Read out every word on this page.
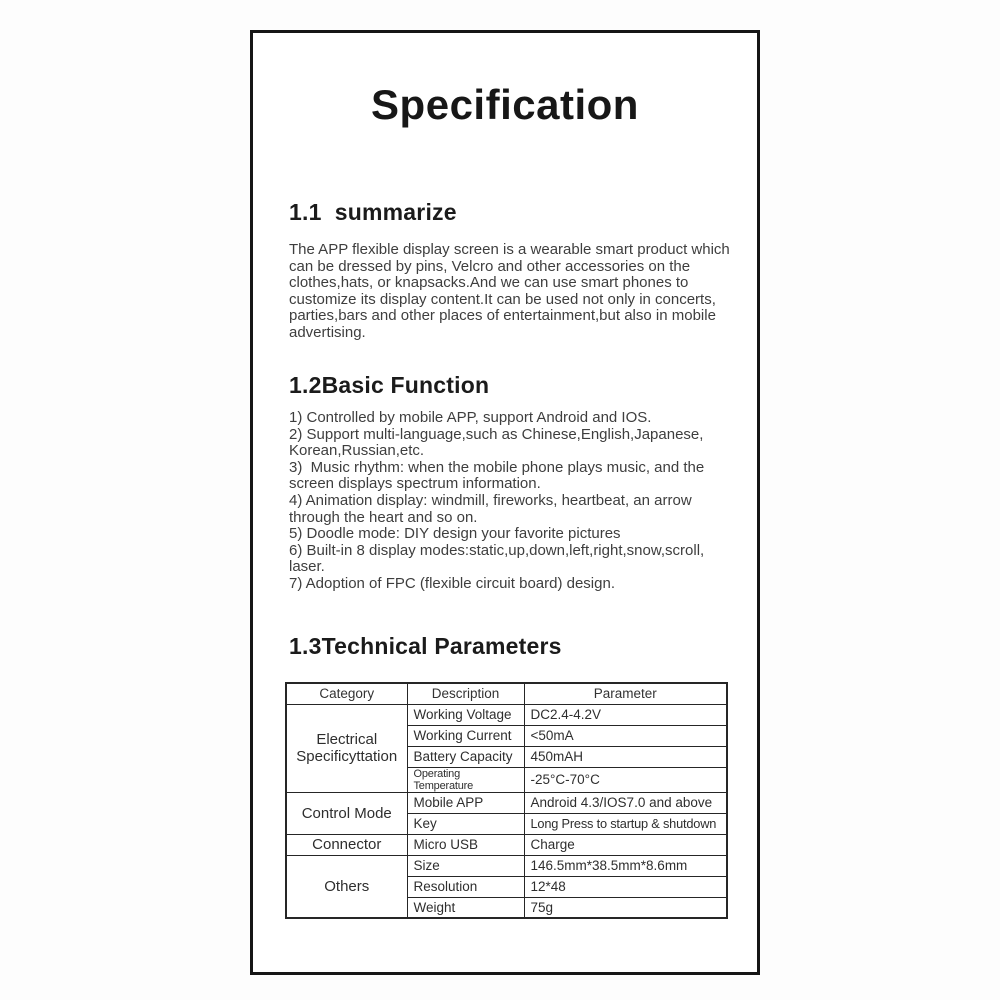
Specification
1.1  summarize
The APP flexible display screen is a wearable smart product which can be dressed by pins, Velcro and other accessories on the clothes,hats, or knapsacks.And we can use smart phones to customize its display content.It can be used not only in concerts, parties,bars and other places of entertainment,but also in mobile advertising.
1.2Basic Function
1) Controlled by mobile APP, support Android and IOS.
2) Support multi-language,such as Chinese,English,Japanese, Korean,Russian,etc.
3)  Music rhythm: when the mobile phone plays music, and the screen displays spectrum information.
4) Animation display: windmill, fireworks, heartbeat, an arrow through the heart and so on.
5) Doodle mode: DIY design your favorite pictures
6) Built-in 8 display modes:static,up,down,left,right,snow,scroll, laser.
7) Adoption of FPC (flexible circuit board) design.
1.3Technical Parameters
Category	Description	Parameter
Electrical Specificyttation	Working Voltage	DC2.4-4.2V
	Working Current	<50mA
	Battery Capacity	450mAH
	Operating Temperature	-25°C-70°C
Control Mode	Mobile APP	Android 4.3/IOS7.0 and above
	Key	Long Press to startup & shutdown
Connector	Micro USB	Charge
Others	Size	146.5mm*38.5mm*8.6mm
	Resolution	12*48
	Weight	75g
